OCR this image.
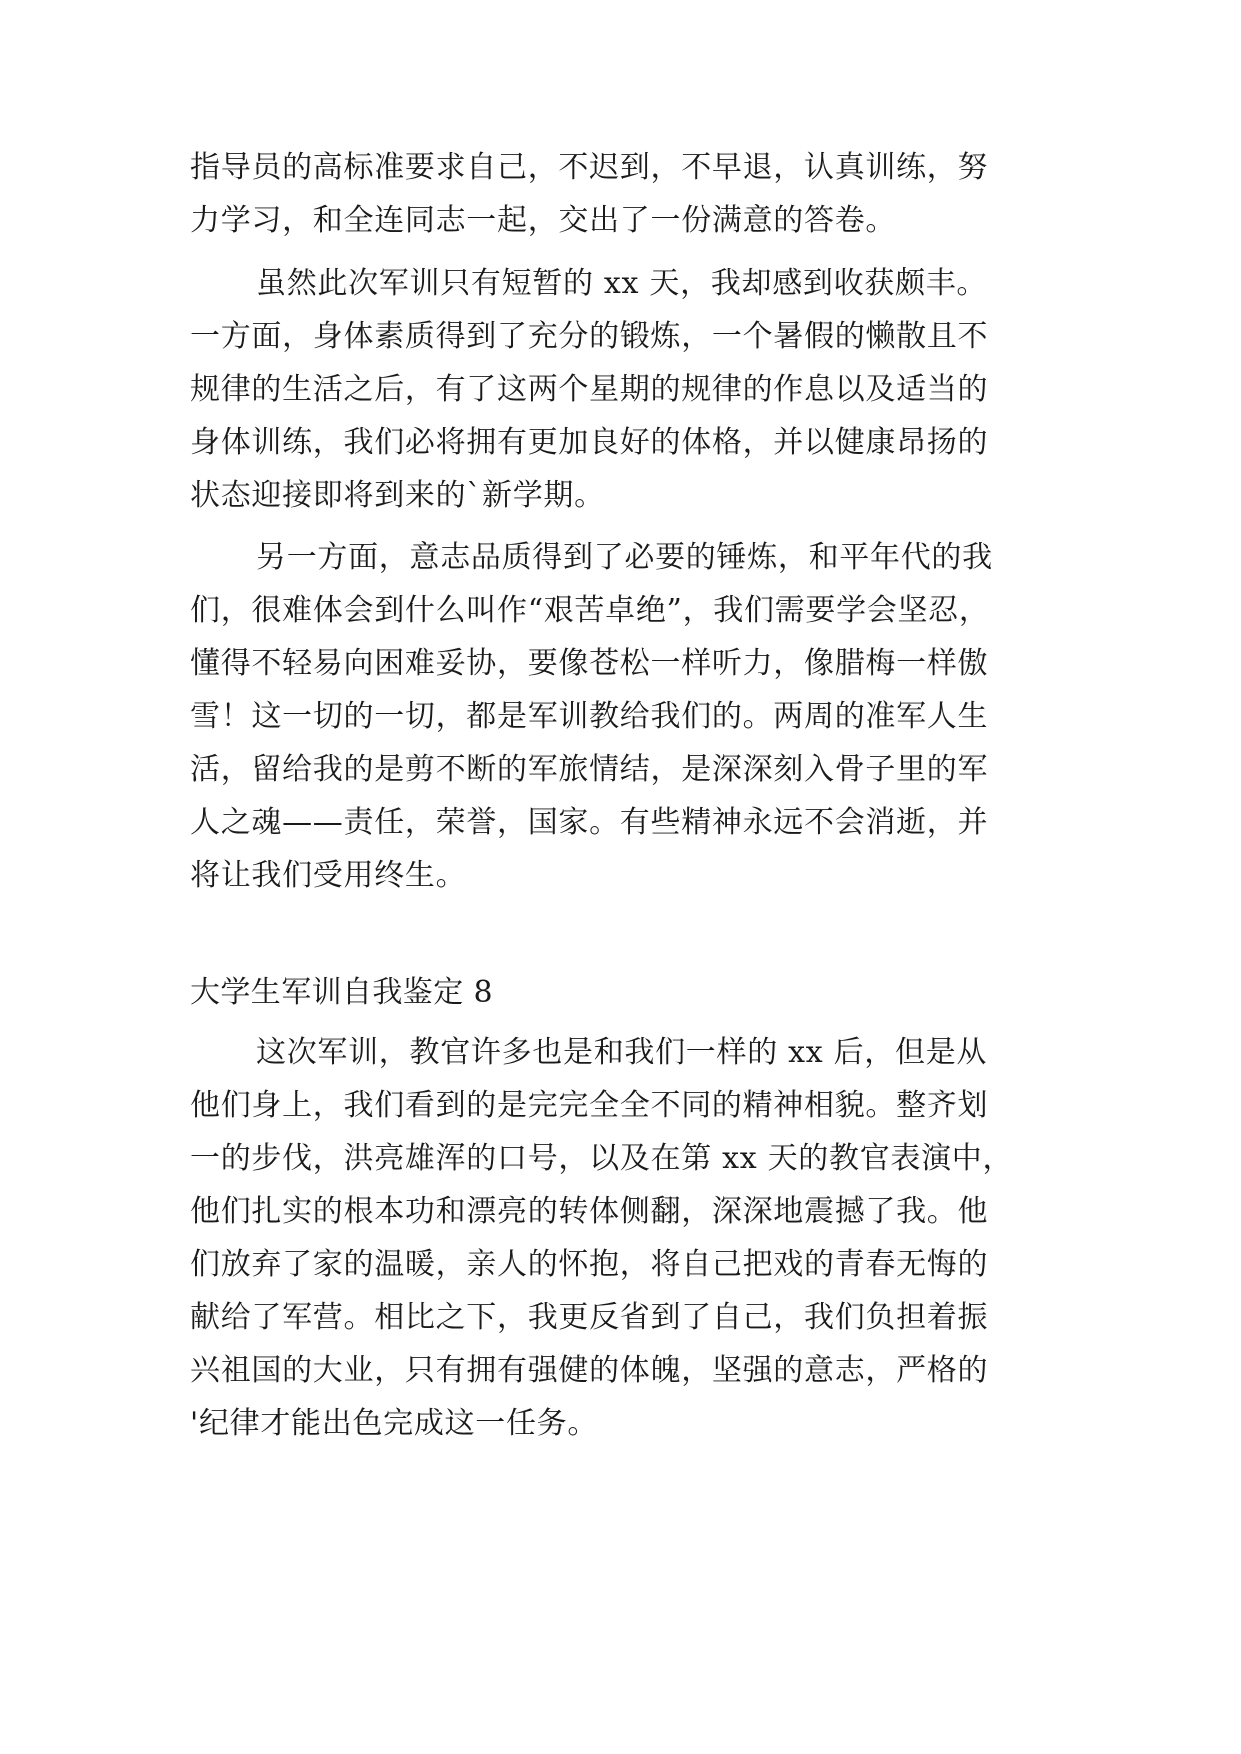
指导员的高标准要求自己，不迟到，不早退，认真训练，努
力学习，和全连同志一起，交出了一份满意的答卷。
虽然此次军训只有短暂的 xx 天，我却感到收获颇丰。
一方面，身体素质得到了充分的锻炼，一个暑假的懒散且不
规律的生活之后，有了这两个星期的规律的作息以及适当的
身体训练，我们必将拥有更加良好的体格，并以健康昂扬的
状态迎接即将到来的`新学期。
另一方面，意志品质得到了必要的锤炼，和平年代的我
们，很难体会到什么叫作“艰苦卓绝”，我们需要学会坚忍，
懂得不轻易向困难妥协，要像苍松一样听力，像腊梅一样傲
雪！这一切的一切，都是军训教给我们的。两周的准军人生
活，留给我的是剪不断的军旅情结，是深深刻入骨子里的军
人之魂——责任，荣誉，国家。有些精神永远不会消逝，并
将让我们受用终生。
大学生军训自我鉴定 8
这次军训，教官许多也是和我们一样的 xx 后，但是从
他们身上，我们看到的是完完全全不同的精神相貌。整齐划
一的步伐，洪亮雄浑的口号，以及在第 xx 天的教官表演中，
他们扎实的根本功和漂亮的转体侧翻，深深地震撼了我。他
们放弃了家的温暖，亲人的怀抱，将自己把戏的青春无悔的
献给了军营。相比之下，我更反省到了自己，我们负担着振
兴祖国的大业，只有拥有强健的体魄，坚强的意志，严格的
'纪律才能出色完成这一任务。
